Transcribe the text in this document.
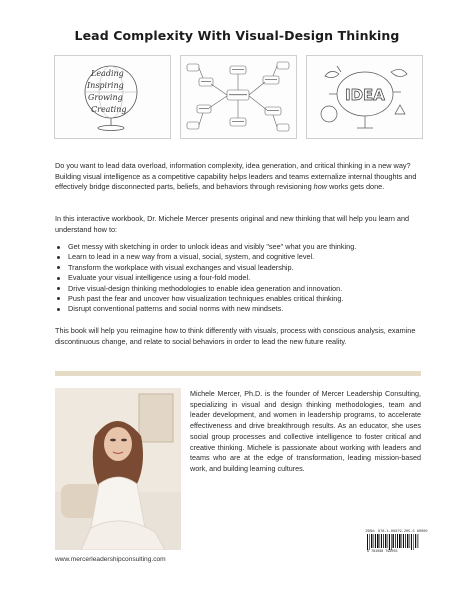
Lead Complexity With Visual-Design Thinking
Leading
Inspiring
Growing
Creating
IDEA

Do you want to lead data overload, information complexity, idea generation, and critical thinking in a new way? Building visual intelligence as a competitive capability helps leaders and teams externalize internal thoughts and effectively bridge disconnected parts, beliefs, and behaviors through revisioning how works gets done.

In this interactive workbook, Dr. Michele Mercer presents original and new thinking that will help you learn and understand how to:

Get messy with sketching in order to unlock ideas and visibly "see" what you are thinking.
Learn to lead in a new way from a visual, social, system, and cognitive level.
Transform the workplace with visual exchanges and visual leadership.
Evaluate your visual intelligence using a four-fold model.
Drive visual-design thinking methodologies to enable idea generation and innovation.
Push past the fear and uncover how visualization techniques enables critical thinking.
Disrupt conventional patterns and social norms with new mindsets.

This book will help you reimagine how to think differently with visuals, process with conscious analysis, examine discontinuous change, and relate to social behaviors in order to lead the new future reality.

Michele Mercer, Ph.D. is the founder of Mercer Leadership Consulting, specializing in visual and design thinking methodologies, team and leader development, and women in leadership programs, to accelerate effectiveness and drive breakthrough results. As an educator, she uses social group processes and collective intelligence to foster critical and creative thinking. Michele is passionate about working with leaders and teams who are at the edge of transformation, leading mission-based work, and building learning cultures.

ISBN: 978-1-09879-205-5 90000
9 781098 792055
www.mercerleadershipconsulting.com
